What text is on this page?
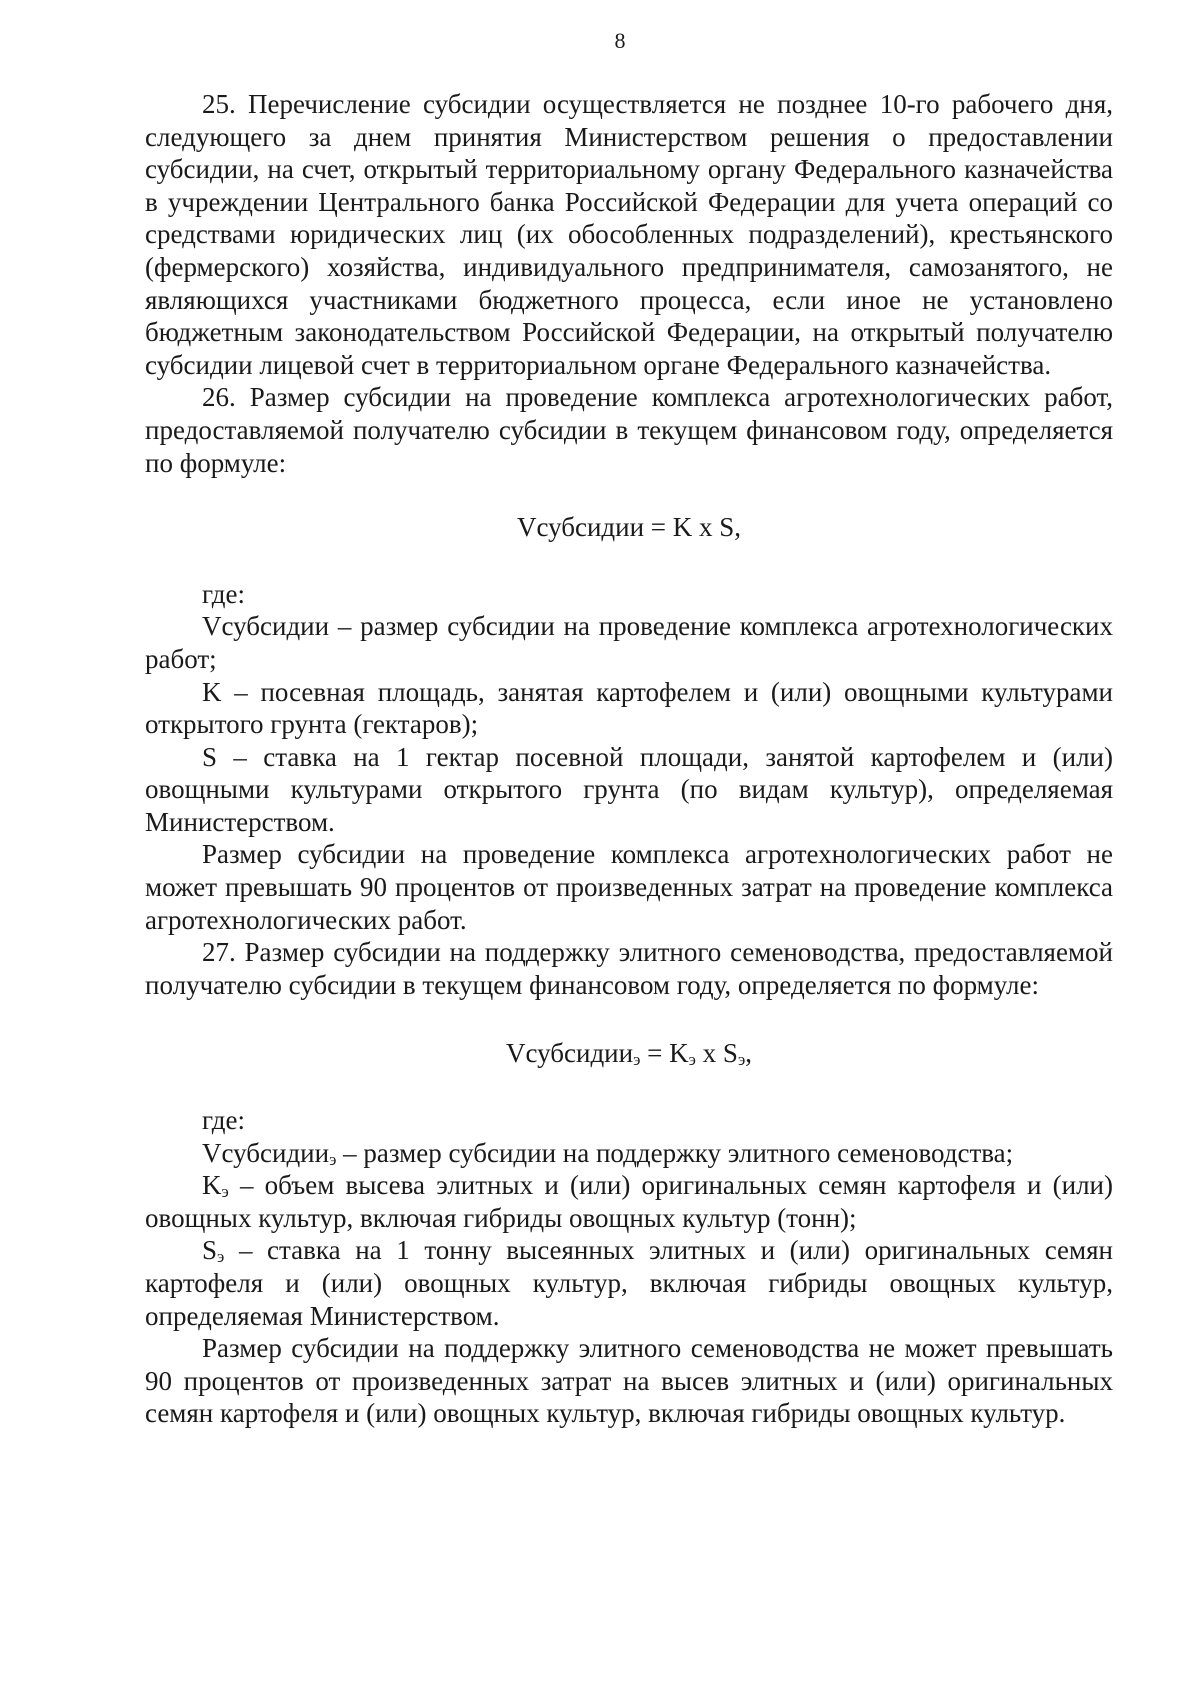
8

25. Перечисление субсидии осуществляется не позднее 10-го рабочего дня, следующего за днем принятия Министерством решения о предоставлении субсидии, на счет, открытый территориальному органу Федерального казначейства в учреждении Центрального банка Российской Федерации для учета операций со средствами юридических лиц (их обособленных подразделений), крестьянского (фермерского) хозяйства, индивидуального предпринимателя, самозанятого, не являющихся участниками бюджетного процесса, если иное не установлено бюджетным законодательством Российской Федерации, на открытый получателю субсидии лицевой счет в территориальном органе Федерального казначейства.

26. Размер субсидии на проведение комплекса агротехнологических работ, предоставляемой получателю субсидии в текущем финансовом году, определяется по формуле:

Vсубсидии = K x S,

где:

Vсубсидии – размер субсидии на проведение комплекса агротехнологических работ;

K – посевная площадь, занятая картофелем и (или) овощными культурами открытого грунта (гектаров);

S – ставка на 1 гектар посевной площади, занятой картофелем и (или) овощными культурами открытого грунта (по видам культур), определяемая Министерством.

Размер субсидии на проведение комплекса агротехнологических работ не может превышать 90 процентов от произведенных затрат на проведение комплекса агротехнологических работ.

27. Размер субсидии на поддержку элитного семеноводства, предоставляемой получателю субсидии в текущем финансовом году, определяется по формуле:

Vсубсидии$_э$ = $K_э$ x $S_э$,

где:

Vсубсидии$_э$ – размер субсидии на поддержку элитного семеноводства;

$K_э$ – объем высева элитных и (или) оригинальных семян картофеля и (или) овощных культур, включая гибриды овощных культур (тонн);

$S_э$ – ставка на 1 тонну высеянных элитных и (или) оригинальных семян картофеля и (или) овощных культур, включая гибриды овощных культур, определяемая Министерством.

Размер субсидии на поддержку элитного семеноводства не может превышать 90 процентов от произведенных затрат на высев элитных и (или) оригинальных семян картофеля и (или) овощных культур, включая гибриды овощных культур.
